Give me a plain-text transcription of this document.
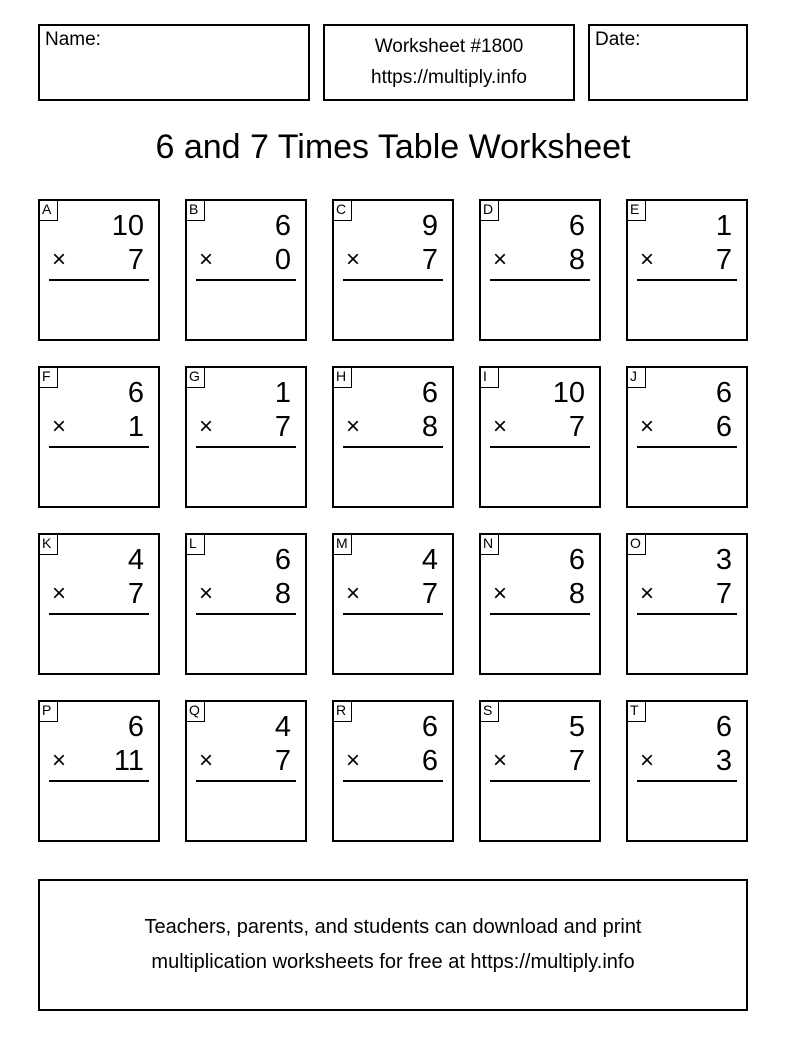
Name:	Worksheet #1800
https://multiply.info
Date:
6 and 7 Times Table Worksheet
A
10
× 7
B
6
× 0
C
9
× 7
D
6
× 8
E
1
× 7
F
6
× 1
G
1
× 7
H
6
× 8
I
10
× 7
J
6
× 6
K
4
× 7
L
6
× 8
M
4
× 7
N
6
× 8
O
3
× 7
P
6
× 11
Q
4
× 7
R
6
× 6
S
5
× 7
T
6
× 3
Teachers, parents, and students can download and print
multiplication worksheets for free at https://multiply.info
